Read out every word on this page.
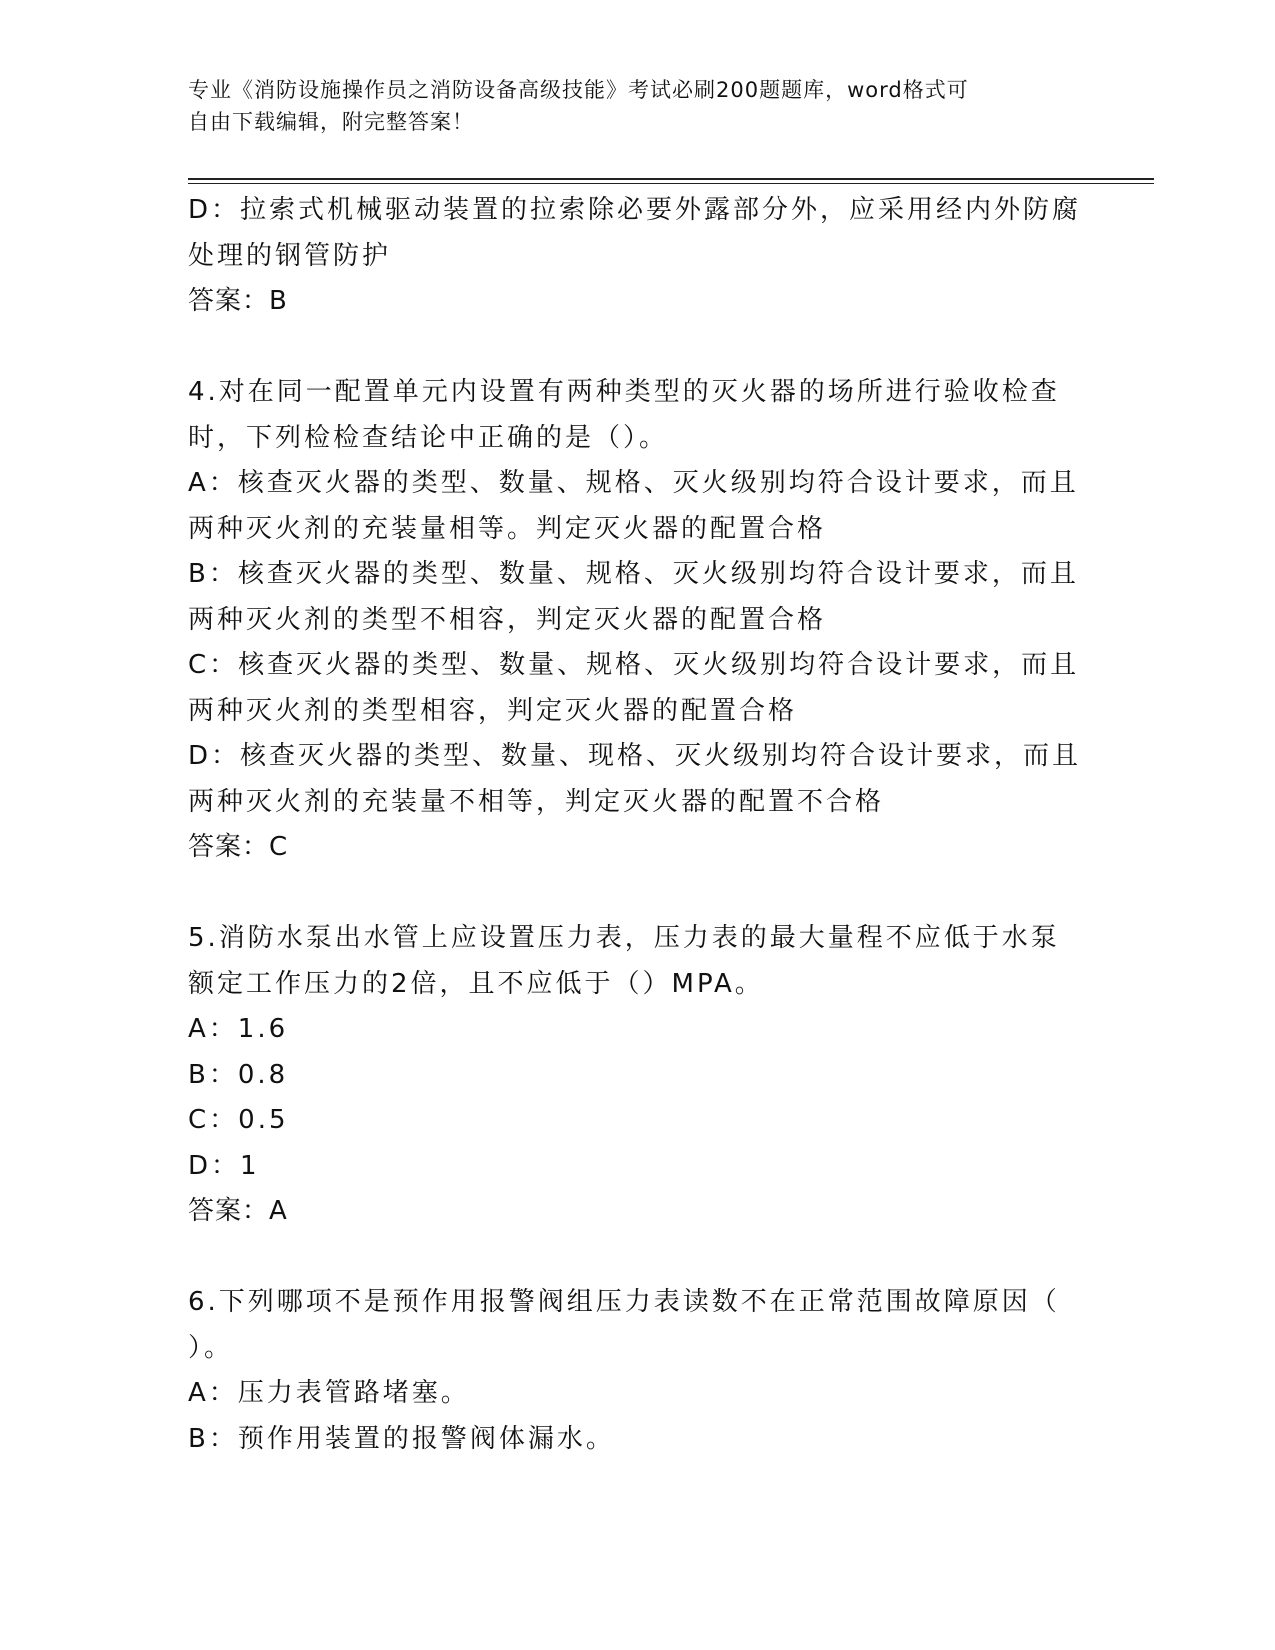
专业《消防设施操作员之消防设备高级技能》考试必刷200题题库，word格式可
自由下载编辑，附完整答案！
D：拉索式机械驱动装置的拉索除必要外露部分外，应采用经内外防腐
处理的钢管防护
答案：B
4.对在同一配置单元内设置有两种类型的灭火器的场所进行验收检查
时，下列检检查结论中正确的是（）。
A：核查灭火器的类型、数量、规格、灭火级别均符合设计要求，而且
两种灭火剂的充装量相等。判定灭火器的配置合格
B：核查灭火器的类型、数量、规格、灭火级别均符合设计要求，而且
两种灭火剂的类型不相容，判定灭火器的配置合格
C：核查灭火器的类型、数量、规格、灭火级别均符合设计要求，而且
两种灭火剂的类型相容，判定灭火器的配置合格
D：核查灭火器的类型、数量、现格、灭火级别均符合设计要求，而且
两种灭火剂的充装量不相等，判定灭火器的配置不合格
答案：C
5.消防水泵出水管上应设置压力表，压力表的最大量程不应低于水泵
额定工作压力的2倍，且不应低于（）MPA。
A：1.6
B：0.8
C：0.5
D：1
答案：A
6.下列哪项不是预作用报警阀组压力表读数不在正常范围故障原因（
）。
A：压力表管路堵塞。
B：预作用装置的报警阀体漏水。
